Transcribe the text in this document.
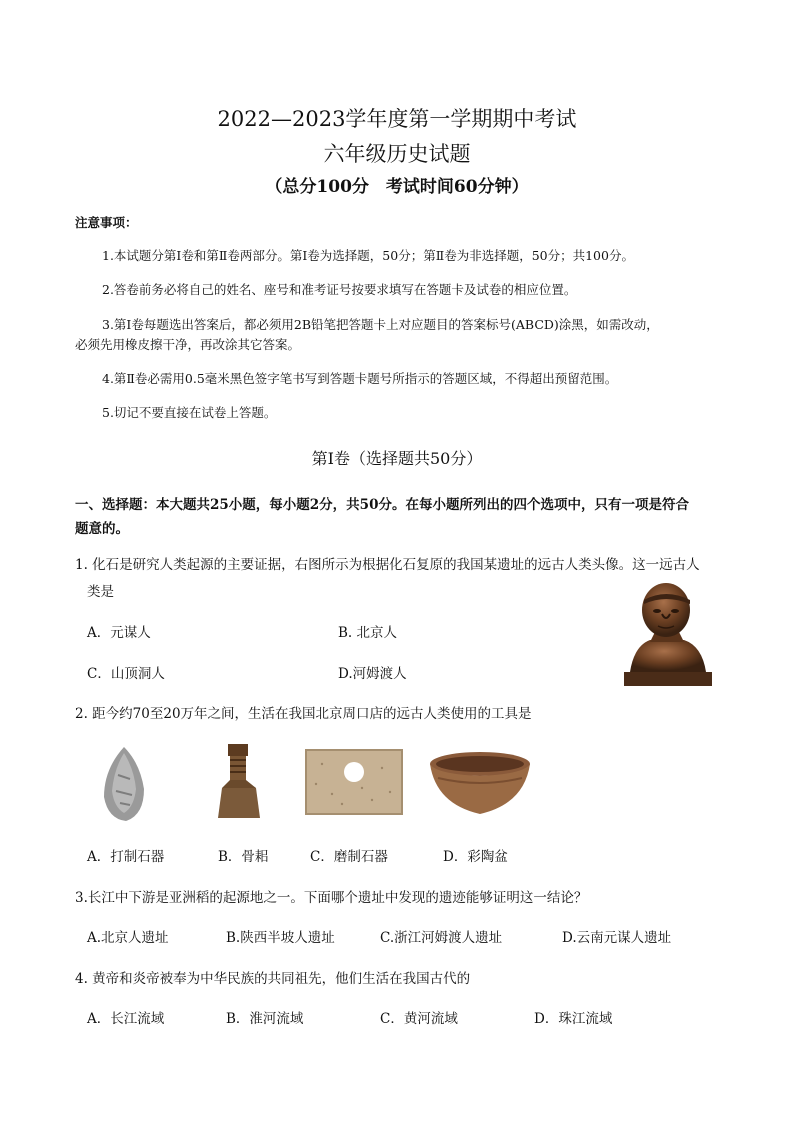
2022—2023学年度第一学期期中考试
六年级历史试题
（总分100分　考试时间60分钟）
注意事项：
1.本试题分第Ⅰ卷和第Ⅱ卷两部分。第Ⅰ卷为选择题，50分；第Ⅱ卷为非选择题，50分；共100分。
2.答卷前务必将自己的姓名、座号和准考证号按要求填写在答题卡及试卷的相应位置。
3.第Ⅰ卷每题选出答案后，都必须用2B铅笔把答题卡上对应题目的答案标号(ABCD)涂黑，如需改动，
必须先用橡皮擦干净，再改涂其它答案。
4.第Ⅱ卷必需用0.5毫米黑色签字笔书写到答题卡题号所指示的答题区域，不得超出预留范围。
5.切记不要直接在试卷上答题。
第Ⅰ卷（选择题共50分）
一、选择题：本大题共25小题，每小题2分，共50分。在每小题所列出的四个选项中，只有一项是符合
题意的。
1. 化石是研究人类起源的主要证据，右图所示为根据化石复原的我国某遗址的远古人类头像。这一远古人
类是
A．元谋人	B. 北京人
C．山顶洞人	D.河姆渡人
2. 距今约70至20万年之间，生活在我国北京周口店的远古人类使用的工具是
A．打制石器	B．骨耜	C．磨制石器	D．彩陶盆
3.长江中下游是亚洲稻的起源地之一。下面哪个遗址中发现的遗迹能够证明这一结论？
A.北京人遗址	B.陕西半坡人遗址	C.浙江河姆渡人遗址	D.云南元谋人遗址
4. 黄帝和炎帝被奉为中华民族的共同祖先，他们生活在我国古代的
A．长江流域	B．淮河流域	C．黄河流域	D．珠江流域
